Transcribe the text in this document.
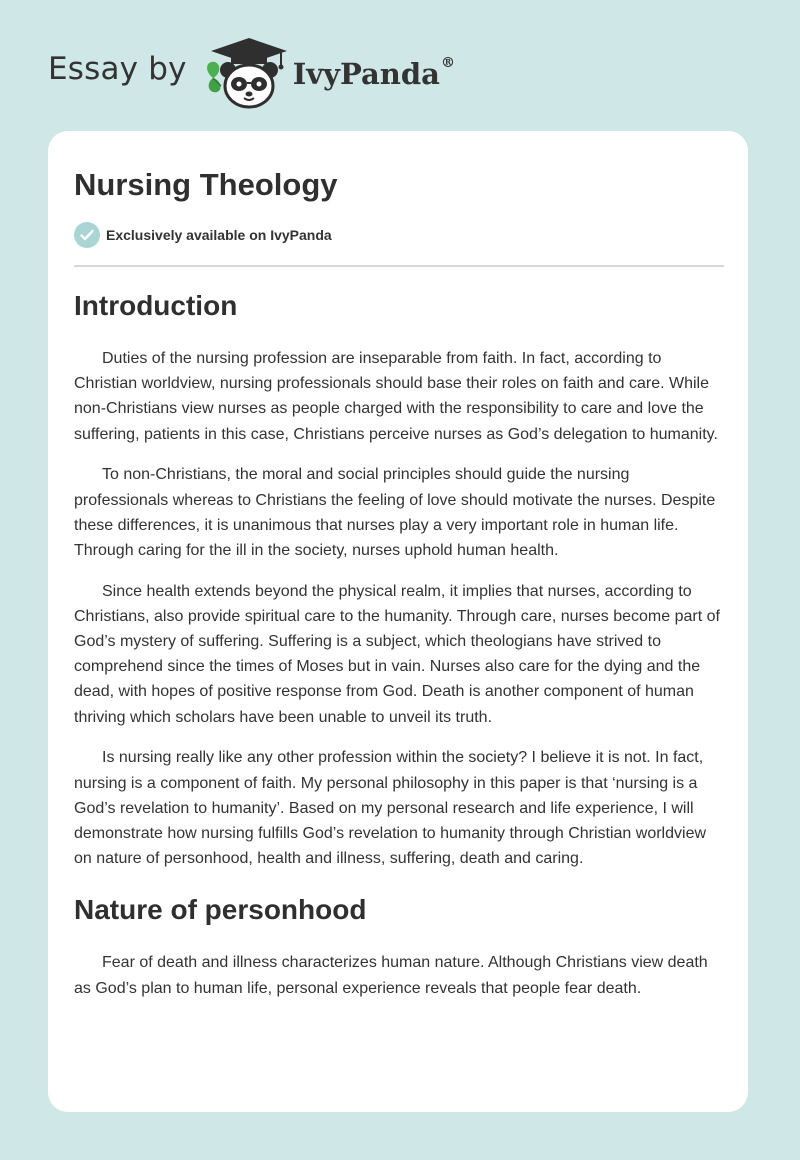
Essay by	IvyPanda®
Nursing Theology
Exclusively available on IvyPanda
Introduction

Duties of the nursing profession are inseparable from faith. In fact, according to Christian worldview, nursing professionals should base their roles on faith and care. While non-Christians view nurses as people charged with the responsibility to care and love the suffering, patients in this case, Christians perceive nurses as God’s delegation to humanity.

To non-Christians, the moral and social principles should guide the nursing professionals whereas to Christians the feeling of love should motivate the nurses. Despite these differences, it is unanimous that nurses play a very important role in human life. Through caring for the ill in the society, nurses uphold human health.

Since health extends beyond the physical realm, it implies that nurses, according to Christians, also provide spiritual care to the humanity. Through care, nurses become part of God’s mystery of suffering. Suffering is a subject, which theologians have strived to comprehend since the times of Moses but in vain. Nurses also care for the dying and the dead, with hopes of positive response from God. Death is another component of human thriving which scholars have been unable to unveil its truth.

Is nursing really like any other profession within the society? I believe it is not. In fact, nursing is a component of faith. My personal philosophy in this paper is that ‘nursing is a God’s revelation to humanity’. Based on my personal research and life experience, I will demonstrate how nursing fulfills God’s revelation to humanity through Christian worldview on nature of personhood, health and illness, suffering, death and caring.

Nature of personhood

Fear of death and illness characterizes human nature. Although Christians view death as God’s plan to human life, personal experience reveals that people fear death.
